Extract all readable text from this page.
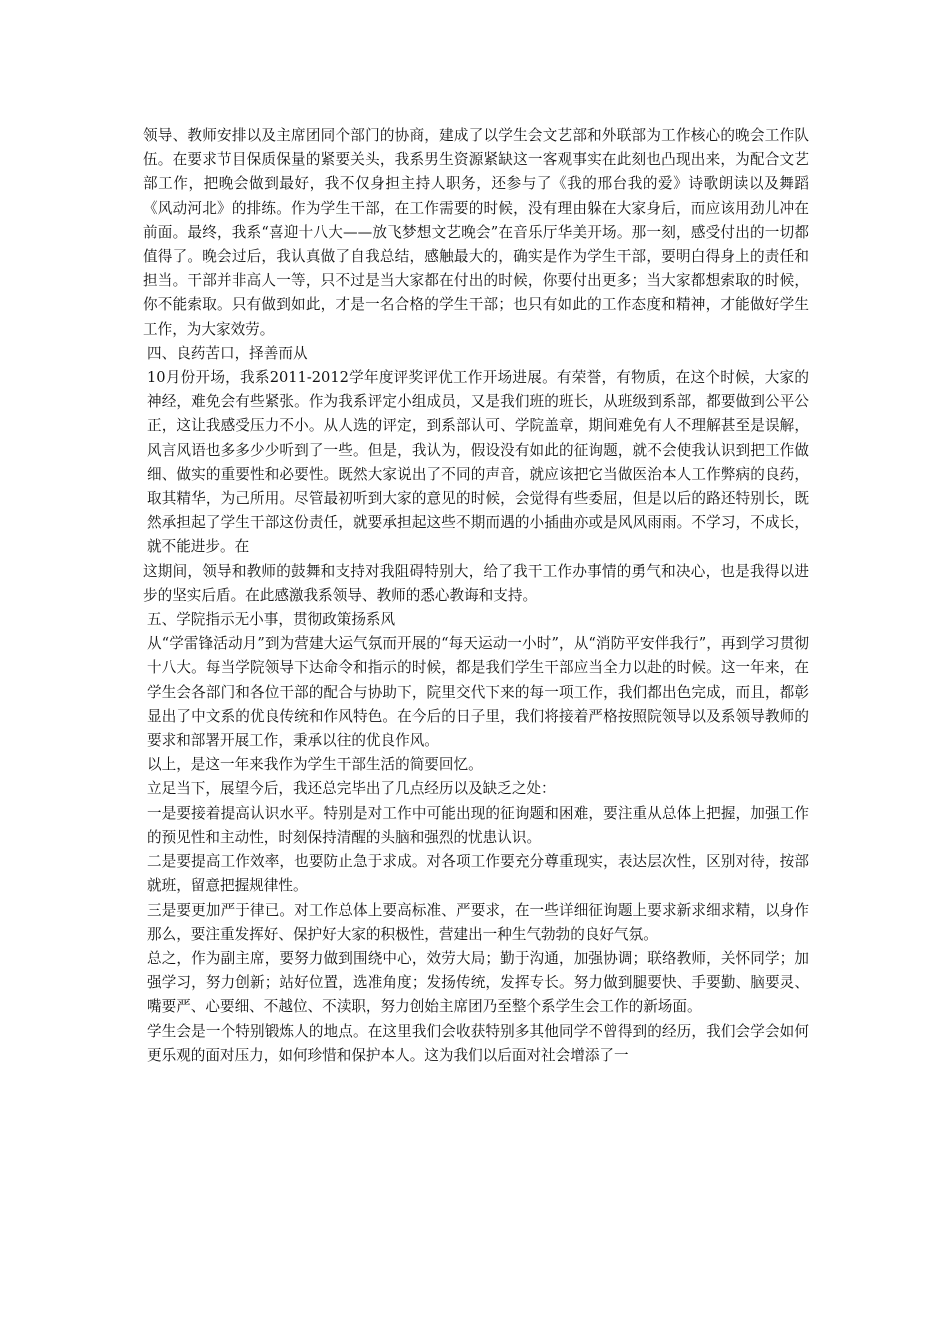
领导、教师安排以及主席团同个部门的协商，建成了以学生会文艺部和外联部为工作核心的晚会工作队伍。在要求节目保质保量的紧要关头，我系男生资源紧缺这一客观事实在此刻也凸现出来，为配合文艺部工作，把晚会做到最好，我不仅身担主持人职务，还参与了《我的邢台我的爱》诗歌朗读以及舞蹈《风动河北》的排练。作为学生干部，在工作需要的时候，没有理由躲在大家身后，而应该用劲儿冲在前面。最终，我系“喜迎十八大——放飞梦想文艺晚会”在音乐厅华美开场。那一刻，感受付出的一切都值得了。晚会过后，我认真做了自我总结，感触最大的，确实是作为学生干部，要明白得身上的责任和担当。干部并非高人一等，只不过是当大家都在付出的时候，你要付出更多；当大家都想索取的时候，你不能索取。只有做到如此，才是一名合格的学生干部；也只有如此的工作态度和精神，才能做好学生工作，为大家效劳。

四、良药苦口，择善而从

10月份开场，我系2011-2012学年度评奖评优工作开场进展。有荣誉，有物质，在这个时候，大家的神经，难免会有些紧张。作为我系评定小组成员，又是我们班的班长，从班级到系部，都要做到公平公正，这让我感受压力不小。从人选的评定，到系部认可、学院盖章，期间难免有人不理解甚至是误解，风言风语也多多少少听到了一些。但是，我认为，假设没有如此的征询题，就不会使我认识到把工作做细、做实的重要性和必要性。既然大家说出了不同的声音，就应该把它当做医治本人工作弊病的良药，取其精华，为己所用。尽管最初听到大家的意见的时候，会觉得有些委屈，但是以后的路还特别长，既然承担起了学生干部这份责任，就要承担起这些不期而遇的小插曲亦或是风风雨雨。不学习，不成长，就不能进步。在

这期间，领导和教师的鼓舞和支持对我阻碍特别大，给了我干工作办事情的勇气和决心，也是我得以进步的坚实后盾。在此感激我系领导、教师的悉心教诲和支持。

五、学院指示无小事，贯彻政策扬系风

从“学雷锋活动月”到为营建大运气氛而开展的“每天运动一小时”，从“消防平安伴我行”，再到学习贯彻十八大。每当学院领导下达命令和指示的时候，都是我们学生干部应当全力以赴的时候。这一年来，在学生会各部门和各位干部的配合与协助下，院里交代下来的每一项工作，我们都出色完成，而且，都彰显出了中文系的优良传统和作风特色。在今后的日子里，我们将接着严格按照院领导以及系领导教师的要求和部署开展工作，秉承以往的优良作风。

以上，是这一年来我作为学生干部生活的简要回忆。

立足当下，展望今后，我还总完毕出了几点经历以及缺乏之处：

一是要接着提高认识水平。特别是对工作中可能出现的征询题和困难，要注重从总体上把握，加强工作的预见性和主动性，时刻保持清醒的头脑和强烈的忧患认识。

二是要提高工作效率，也要防止急于求成。对各项工作要充分尊重现实，表达层次性，区别对待，按部就班，留意把握规律性。

三是要更加严于律已。对工作总体上要高标准、严要求，在一些详细征询题上要求新求细求精，以身作那么，要注重发挥好、保护好大家的积极性，营建出一种生气勃勃的良好气氛。

总之，作为副主席，要努力做到围绕中心，效劳大局；勤于沟通，加强协调；联络教师，关怀同学；加强学习，努力创新；站好位置，选准角度；发扬传统，发挥专长。努力做到腿要快、手要勤、脑要灵、嘴要严、心要细、不越位、不渎职，努力创始主席团乃至整个系学生会工作的新场面。

学生会是一个特别锻炼人的地点。在这里我们会收获特别多其他同学不曾得到的经历，我们会学会如何更乐观的面对压力，如何珍惜和保护本人。这为我们以后面对社会增添了一
